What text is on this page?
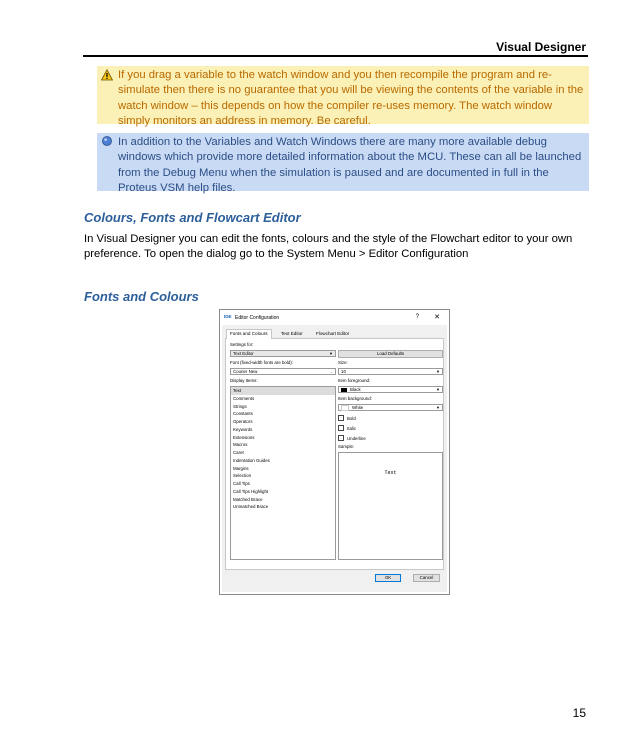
Visual Designer
If you drag a variable to the watch window and you then recompile the program and re-simulate then there is no guarantee that you will be viewing the contents of the variable in the watch window – this depends on how the compiler re-uses memory. The watch window simply monitors an address in memory. Be careful.
In addition to the Variables and Watch Windows there are many more available debug windows which provide more detailed information about the MCU. These can all be launched from the Debug Menu when the simulation is paused and are documented in full in the Proteus VSM help files.
Colours, Fonts and Flowcart Editor
In Visual Designer you can edit the fonts, colours and the style of the Flowchart editor to your own preference. To open the dialog go to the System Menu > Editor Configuration
Fonts and Colours
IDE Editor Configuration	? ✕
Fonts and Colours	Text Editor	Flowchart Editor
Settings for:
Text Editor	▼	Load Defaults
Font (fixed-width fonts are bold):
Courier New	⌄
Size:
10	▼
Display Items:
Text
Comments
Strings
Constants
Operators
Keywords
Extensions
Macros
Caret
Indentation Guides
Margins
Selection
Call Tips
Call Tips Highlight
Matched Brace
Unmatched Brace
Item foreground:
Black	▼
Item background:
White	▼
Bold
Italic
Underline
Sample:
Text
OK	Cancel
15
